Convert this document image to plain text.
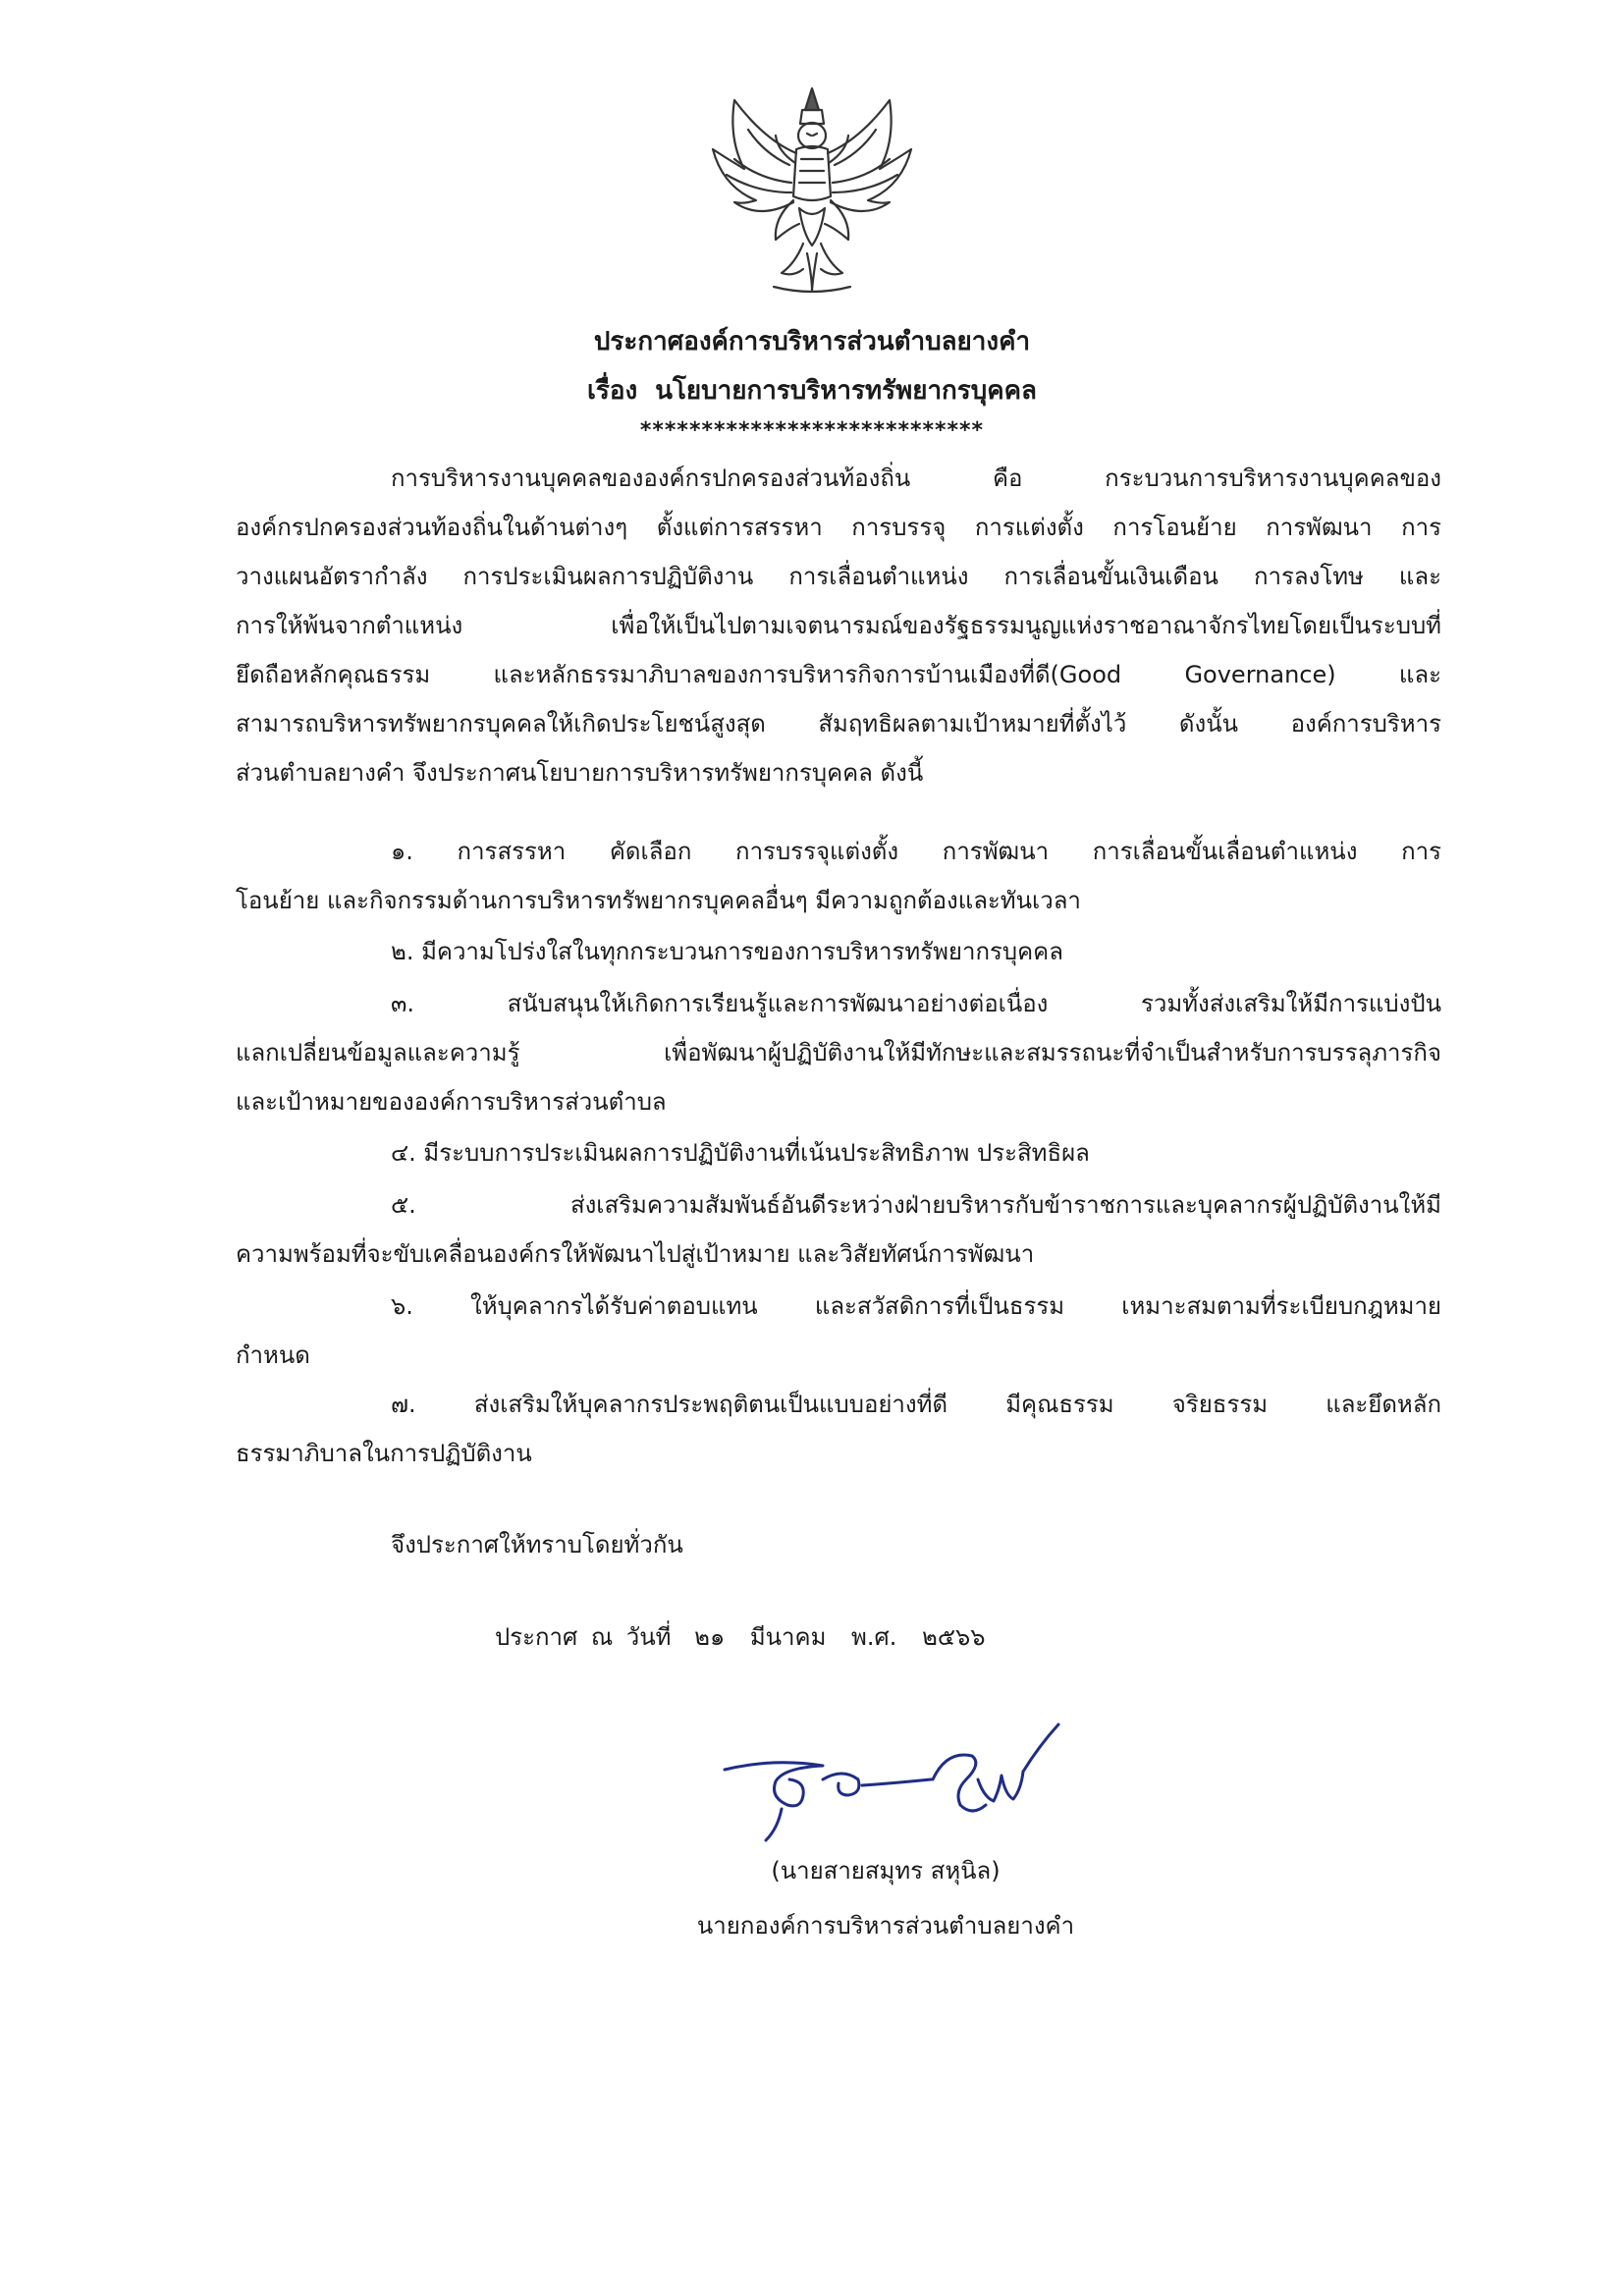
ประกาศองค์การบริหารส่วนตำบลยางคำ
เรื่อง นโยบายการบริหารทรัพยากรบุคคล
****************************
การบริหารงานบุคคลขององค์กรปกครองส่วนท้องถิ่น คือ กระบวนการบริหารงานบุคคลของ
องค์กรปกครองส่วนท้องถิ่นในด้านต่างๆ ตั้งแต่การสรรหา การบรรจุ การแต่งตั้ง การโอนย้าย การพัฒนา การ
วางแผนอัตรากำลัง การประเมินผลการปฏิบัติงาน การเลื่อนตำแหน่ง การเลื่อนขั้นเงินเดือน การลงโทษ และ
การให้พ้นจากตำแหน่ง เพื่อให้เป็นไปตามเจตนารมณ์ของรัฐธรรมนูญแห่งราชอาณาจักรไทยโดยเป็นระบบที่
ยึดถือหลักคุณธรรม และหลักธรรมาภิบาลของการบริหารกิจการบ้านเมืองที่ดี(Good Governance) และ
สามารถบริหารทรัพยากรบุคคลให้เกิดประโยชน์สูงสุด สัมฤทธิผลตามเป้าหมายที่ตั้งไว้ ดังนั้น องค์การบริหาร
ส่วนตำบลยางคำ จึงประกาศนโยบายการบริหารทรัพยากรบุคคล ดังนี้
๑. การสรรหา คัดเลือก การบรรจุแต่งตั้ง การพัฒนา การเลื่อนขั้นเลื่อนตำแหน่ง การ
โอนย้าย และกิจกรรมด้านการบริหารทรัพยากรบุคคลอื่นๆ มีความถูกต้องและทันเวลา
๒. มีความโปร่งใสในทุกกระบวนการของการบริหารทรัพยากรบุคคล
๓. สนับสนุนให้เกิดการเรียนรู้และการพัฒนาอย่างต่อเนื่อง รวมทั้งส่งเสริมให้มีการแบ่งปัน
แลกเปลี่ยนข้อมูลและความรู้ เพื่อพัฒนาผู้ปฏิบัติงานให้มีทักษะและสมรรถนะที่จำเป็นสำหรับการบรรลุภารกิจ
และเป้าหมายขององค์การบริหารส่วนตำบล
๔. มีระบบการประเมินผลการปฏิบัติงานที่เน้นประสิทธิภาพ ประสิทธิผล
๕. ส่งเสริมความสัมพันธ์อันดีระหว่างฝ่ายบริหารกับข้าราชการและบุคลากรผู้ปฏิบัติงานให้มี
ความพร้อมที่จะขับเคลื่อนองค์กรให้พัฒนาไปสู่เป้าหมาย และวิสัยทัศน์การพัฒนา
๖. ให้บุคลากรได้รับค่าตอบแทน และสวัสดิการที่เป็นธรรม เหมาะสมตามที่ระเบียบกฎหมาย
กำหนด
๗. ส่งเสริมให้บุคลากรประพฤติตนเป็นแบบอย่างที่ดี มีคุณธรรม จริยธรรม และยึดหลัก
ธรรมาภิบาลในการปฏิบัติงาน
จึงประกาศให้ทราบโดยทั่วกัน
ประกาศ ณ วันที่ ๒๑ มีนาคม พ.ศ. ๒๕๖๖
(นายสายสมุทร สหุนิล)
นายกองค์การบริหารส่วนตำบลยางคำ
